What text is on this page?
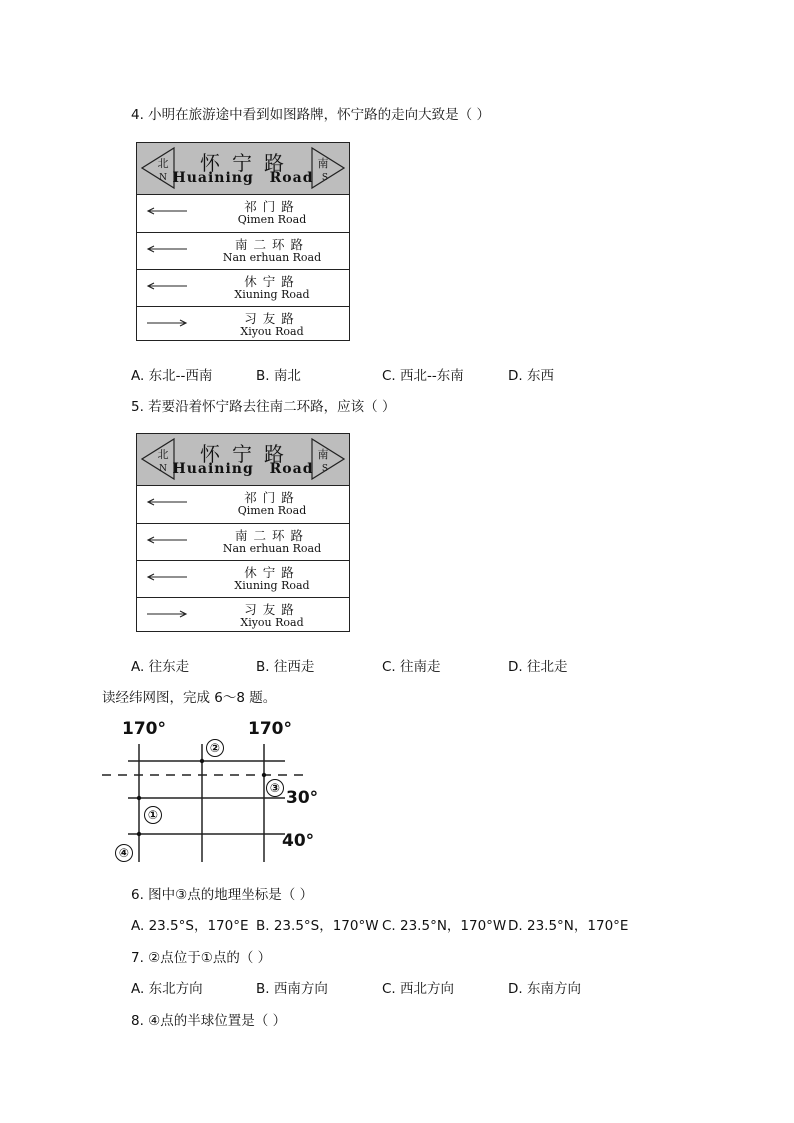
4. 小明在旅游途中看到如图路牌，怀宁路的走向大致是（ ）
北
N
南
S
怀宁路
Huaining Road
祁门路
Qimen Road
南二环路
Nan erhuan Road
休宁路
Xiuning Road
习友路
Xiyou Road
A. 东北--西南	B. 南北	C. 西北--东南	D. 东西
5. 若要沿着怀宁路去往南二环路，应该（ ）
北
N
南
S
怀宁路
Huaining Road
祁门路
Qimen Road
南二环路
Nan erhuan Road
休宁路
Xiuning Road
习友路
Xiyou Road
A. 往东走	B. 往西走	C. 往南走	D. 往北走
读经纬网图，完成 6～8 题。
170°	170°
30°
40°
①
②
③
④
6. 图中③点的地理坐标是（ ）
A. 23.5°S，170°E B. 23.5°S，170°W C. 23.5°N，170°W D. 23.5°N，170°E
7. ②点位于①点的（ ）
A. 东北方向	B. 西南方向	C. 西北方向	D. 东南方向
8. ④点的半球位置是（ ）
